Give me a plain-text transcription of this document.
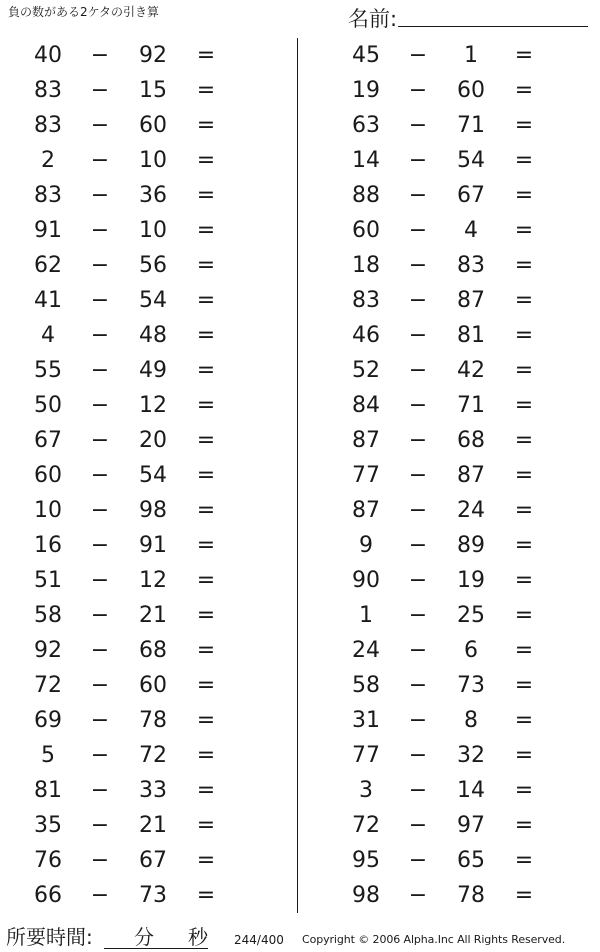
負の数がある2ケタの引き算	名前:
40	−	92	=
83	−	15	=
83	−	60	=
2	−	10	=
83	−	36	=
91	−	10	=
62	−	56	=
41	−	54	=
4	−	48	=
55	−	49	=
50	−	12	=
67	−	20	=
60	−	54	=
10	−	98	=
16	−	91	=
51	−	12	=
58	−	21	=
92	−	68	=
72	−	60	=
69	−	78	=
5	−	72	=
81	−	33	=
35	−	21	=
76	−	67	=
66	−	73	=
45	−	1	=
19	−	60	=
63	−	71	=
14	−	54	=
88	−	67	=
60	−	4	=
18	−	83	=
83	−	87	=
46	−	81	=
52	−	42	=
84	−	71	=
87	−	68	=
77	−	87	=
87	−	24	=
9	−	89	=
90	−	19	=
1	−	25	=
24	−	6	=
58	−	73	=
31	−	8	=
77	−	32	=
3	−	14	=
72	−	97	=
95	−	65	=
98	−	78	=
所要時間: 分 秒 244/400 Copyright © 2006 Alpha.Inc All Rights Reserved.
